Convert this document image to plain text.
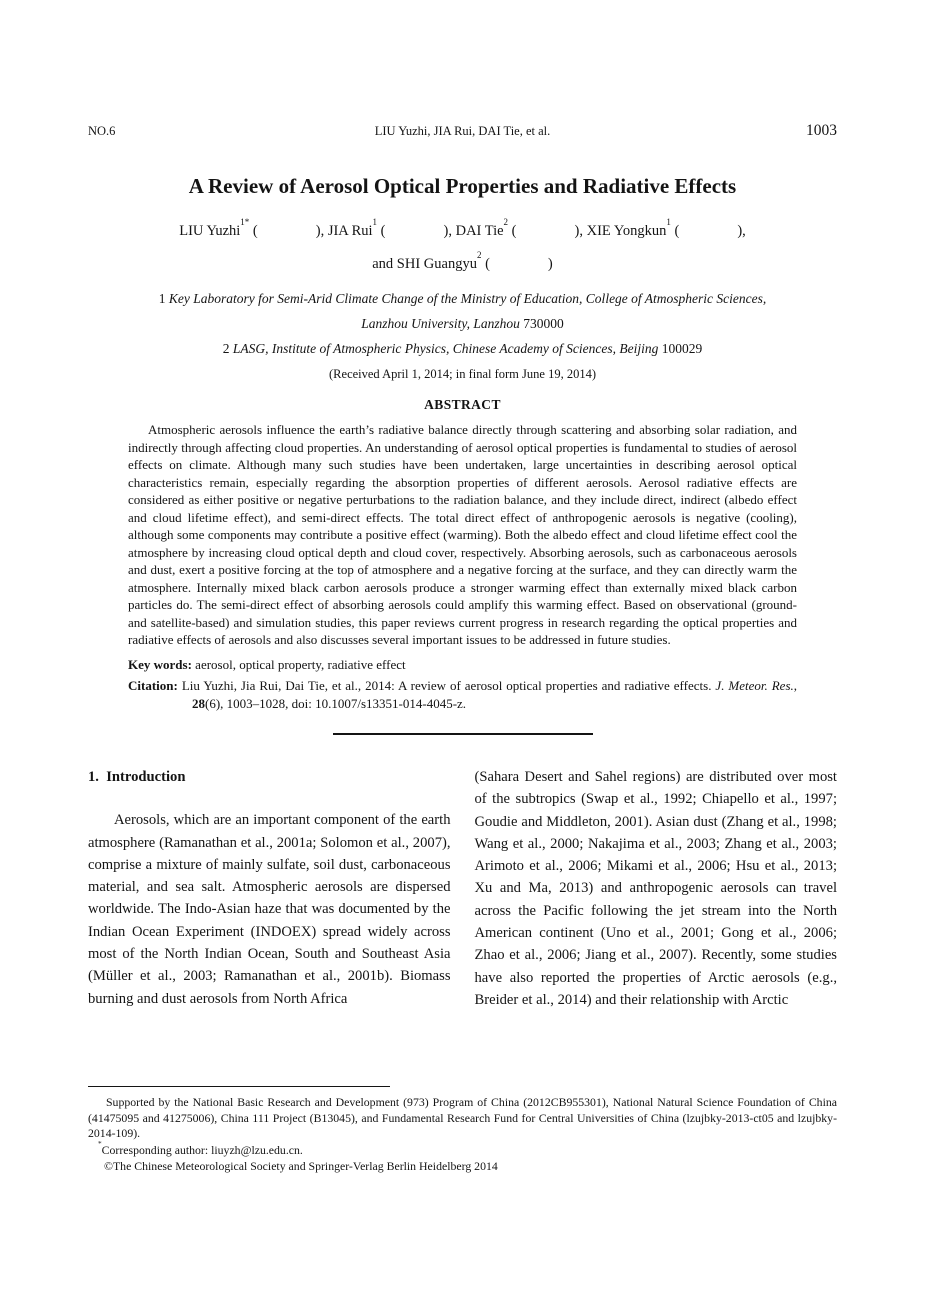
NO.6	LIU Yuzhi, JIA Rui, DAI Tie, et al.	1003
A Review of Aerosol Optical Properties and Radiative Effects
LIU Yuzhi$^{1*}$ (                ), JIA Rui$^1$ (                ), DAI Tie$^2$ (                ), XIE Yongkun$^1$ (                ),
and SHI Guangyu$^2$ (                )
1 Key Laboratory for Semi-Arid Climate Change of the Ministry of Education, College of Atmospheric Sciences,
Lanzhou University, Lanzhou 730000
2 LASG, Institute of Atmospheric Physics, Chinese Academy of Sciences, Beijing 100029
(Received April 1, 2014; in final form June 19, 2014)
ABSTRACT

Atmospheric aerosols influence the earth’s radiative balance directly through scattering and absorbing solar radiation, and indirectly through affecting cloud properties. An understanding of aerosol optical properties is fundamental to studies of aerosol effects on climate. Although many such studies have been undertaken, large uncertainties in describing aerosol optical characteristics remain, especially regarding the absorption properties of different aerosols. Aerosol radiative effects are considered as either positive or negative perturbations to the radiation balance, and they include direct, indirect (albedo effect and cloud lifetime effect), and semi-direct effects. The total direct effect of anthropogenic aerosols is negative (cooling), although some components may contribute a positive effect (warming). Both the albedo effect and cloud lifetime effect cool the atmosphere by increasing cloud optical depth and cloud cover, respectively. Absorbing aerosols, such as carbonaceous aerosols and dust, exert a positive forcing at the top of atmosphere and a negative forcing at the surface, and they can directly warm the atmosphere. Internally mixed black carbon aerosols produce a stronger warming effect than externally mixed black carbon particles do. The semi-direct effect of absorbing aerosols could amplify this warming effect. Based on observational (ground- and satellite-based) and simulation studies, this paper reviews current progress in research regarding the optical properties and radiative effects of aerosols and also discusses several important issues to be addressed in future studies.

Key words: aerosol, optical property, radiative effect
Citation: Liu Yuzhi, Jia Rui, Dai Tie, et al., 2014: A review of aerosol optical properties and radiative effects. J. Meteor. Res., 28(6), 1003–1028, doi: 10.1007/s13351-014-4045-z.
1.  Introduction

Aerosols, which are an important component of the earth atmosphere (Ramanathan et al., 2001a; Solomon et al., 2007), comprise a mixture of mainly sulfate, soil dust, carbonaceous material, and sea salt. Atmospheric aerosols are dispersed worldwide. The Indo-Asian haze that was documented by the Indian Ocean Experiment (INDOEX) spread widely across most of the North Indian Ocean, South and Southeast Asia (Müller et al., 2003; Ramanathan et al., 2001b). Biomass burning and dust aerosols from North Africa

(Sahara Desert and Sahel regions) are distributed over most of the subtropics (Swap et al., 1992; Chiapello et al., 1997; Goudie and Middleton, 2001). Asian dust (Zhang et al., 1998; Wang et al., 2000; Nakajima et al., 2003; Zhang et al., 2003; Arimoto et al., 2006; Mikami et al., 2006; Hsu et al., 2013; Xu and Ma, 2013) and anthropogenic aerosols can travel across the Pacific following the jet stream into the North American continent (Uno et al., 2001; Gong et al., 2006; Zhao et al., 2006; Jiang et al., 2007). Recently, some studies have also reported the properties of Arctic aerosols (e.g., Breider et al., 2014) and their relationship with Arctic

Supported by the National Basic Research and Development (973) Program of China (2012CB955301), National Natural Science Foundation of China (41475095 and 41275006), China 111 Project (B13045), and Fundamental Research Fund for Central Universities of China (lzujbky-2013-ct05 and lzujbky-2014-109).

*Corresponding author: liuyzh@lzu.edu.cn.

©The Chinese Meteorological Society and Springer-Verlag Berlin Heidelberg 2014
